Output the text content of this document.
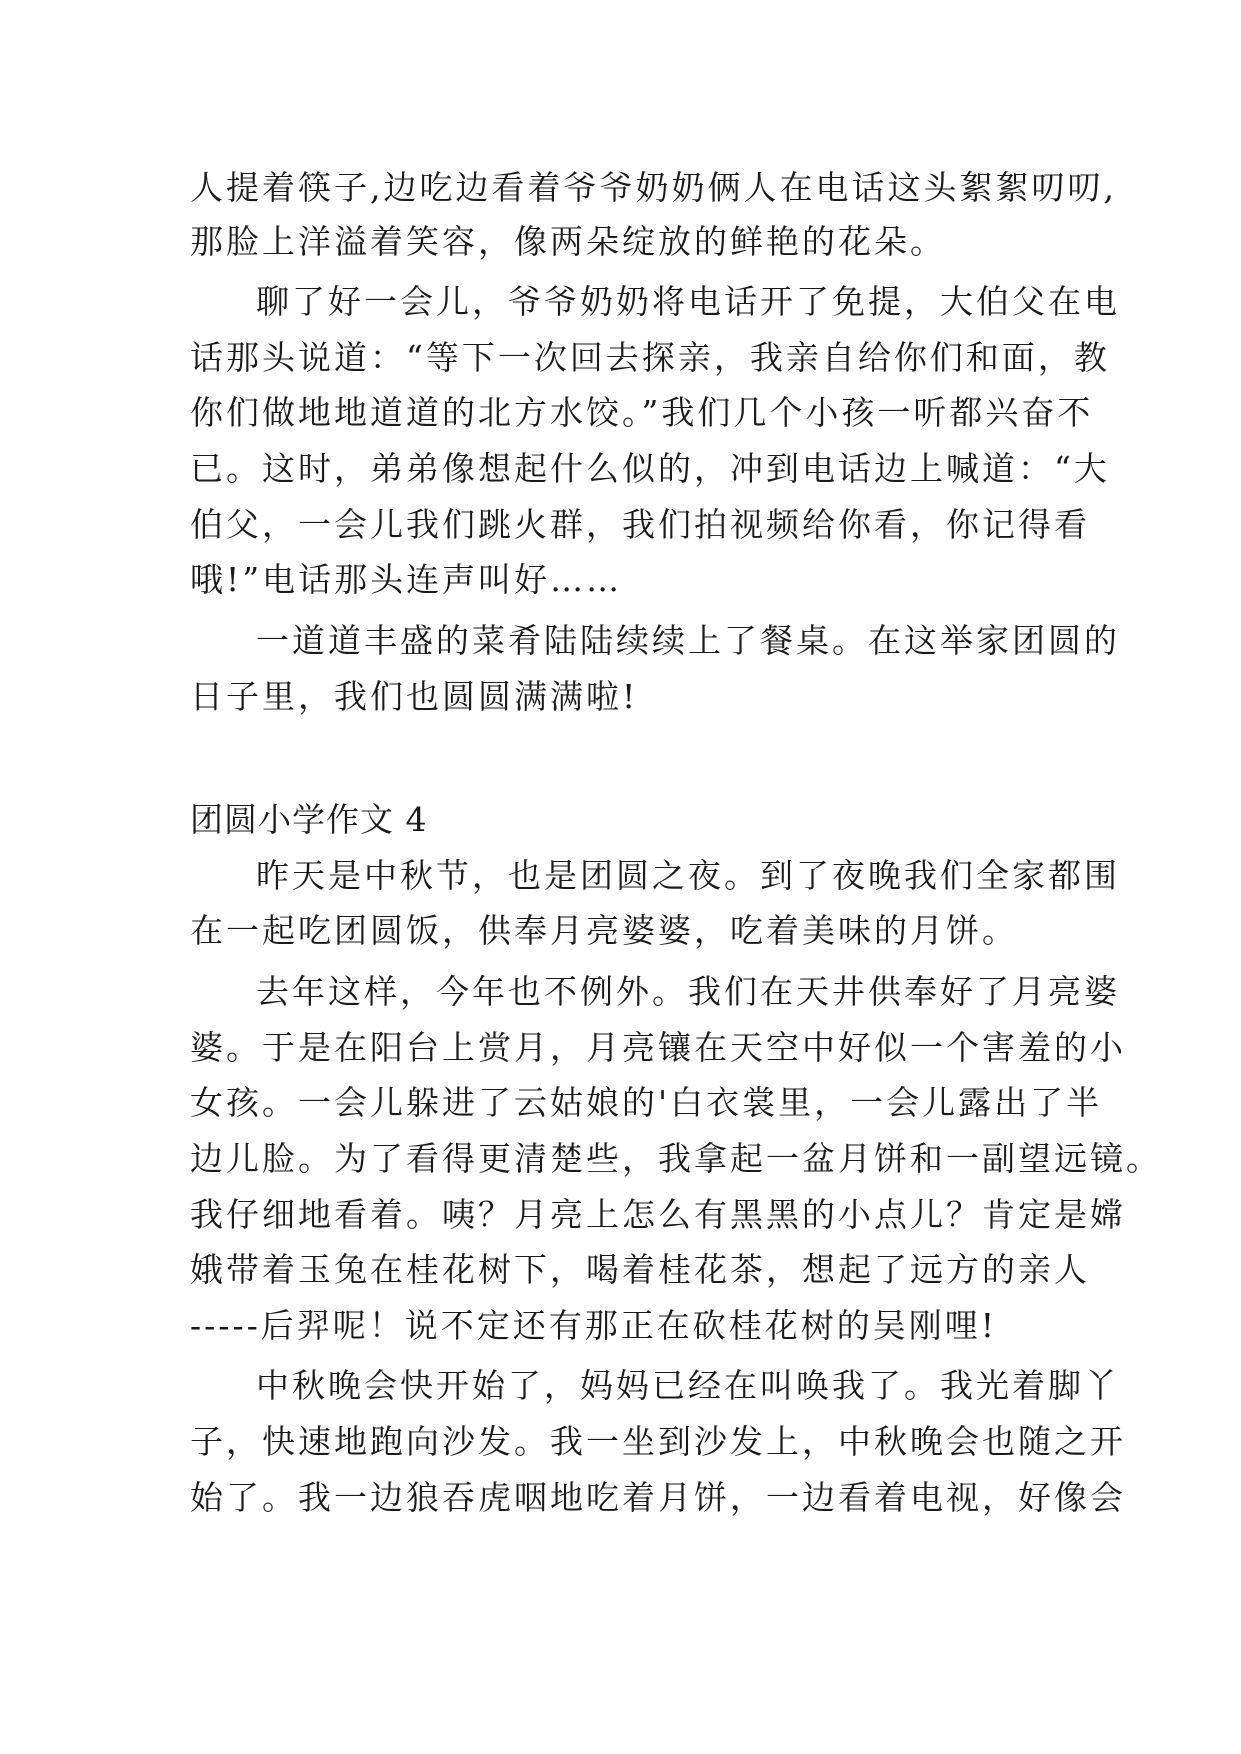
人提着筷子,边吃边看着爷爷奶奶俩人在电话这头絮絮叨叨,
那脸上洋溢着笑容，像两朵绽放的鲜艳的花朵。
聊了好一会儿，爷爷奶奶将电话开了免提，大伯父在电
话那头说道：“等下一次回去探亲，我亲自给你们和面，教
你们做地地道道的北方水饺。”我们几个小孩一听都兴奋不
已。这时，弟弟像想起什么似的，冲到电话边上喊道：“大
伯父，一会儿我们跳火群，我们拍视频给你看，你记得看
哦!”电话那头连声叫好……
一道道丰盛的菜肴陆陆续续上了餐桌。在这举家团圆的
日子里，我们也圆圆满满啦!
团圆小学作文 4
昨天是中秋节，也是团圆之夜。到了夜晚我们全家都围
在一起吃团圆饭，供奉月亮婆婆，吃着美味的月饼。
去年这样，今年也不例外。我们在天井供奉好了月亮婆
婆。于是在阳台上赏月，月亮镶在天空中好似一个害羞的小
女孩。一会儿躲进了云姑娘的'白衣裳里，一会儿露出了半
边儿脸。为了看得更清楚些，我拿起一盆月饼和一副望远镜。
我仔细地看着。咦？月亮上怎么有黑黑的小点儿？肯定是嫦
娥带着玉兔在桂花树下，喝着桂花茶，想起了远方的亲人
-----后羿呢！说不定还有那正在砍桂花树的吴刚哩!
中秋晚会快开始了，妈妈已经在叫唤我了。我光着脚丫
子，快速地跑向沙发。我一坐到沙发上，中秋晚会也随之开
始了。我一边狼吞虎咽地吃着月饼，一边看着电视，好像会
